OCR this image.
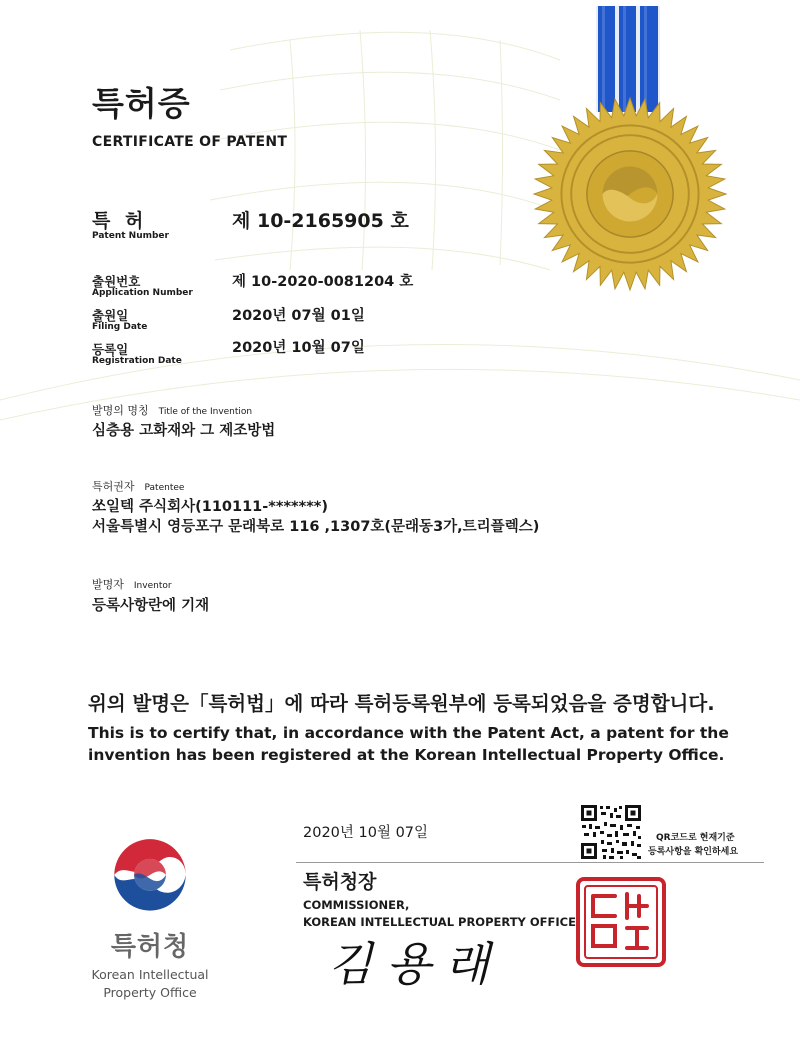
특허증
CERTIFICATE OF PATENT
특 허
Patent Number
제 10-2165905 호
출원번호
Application Number
제 10-2020-0081204 호
출원일
Filing Date
2020년 07월 01일
등록일
Registration Date
2020년 10월 07일
발명의 명칭 Title of the Invention
심층용 고화재와 그 제조방법
특허권자 Patentee
쏘일텍 주식회사(110111-*******)
서울특별시 영등포구 문래북로 116 ,1307호(문래동3가,트리플렉스)
발명자 Inventor
등록사항란에 기재
위의 발명은「특허법」에 따라 특허등록원부에 등록되었음을 증명합니다.
This is to certify that, in accordance with the Patent Act, a patent for the invention has been registered at the Korean Intellectual Property Office.
2020년 10월 07일
특허청장
COMMISSIONER,
KOREAN INTELLECTUAL PROPERTY OFFICE
김용래
QR코드로 현재기준
등록사항을 확인하세요
특허청
Korean Intellectual
Property Office
